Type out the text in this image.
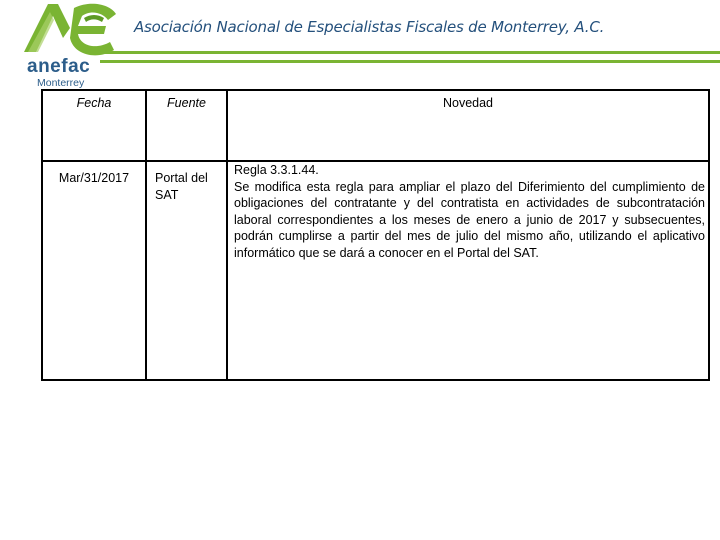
anefac
Monterrey
Asociación Nacional de Especialistas Fiscales de Monterrey, A.C.
Fecha	Fuente	Novedad
Mar/31/2017	Portal del SAT	Regla 3.3.1.44.
Se modifica esta regla para ampliar el plazo del Diferimiento del cumplimiento de obligaciones del contratante y del contratista en actividades de subcontratación laboral correspondientes a los meses de enero a junio de 2017 y subsecuentes, podrán cumplirse a partir del mes de julio del mismo año, utilizando el aplicativo informático que se dará a conocer en el Portal del SAT.
